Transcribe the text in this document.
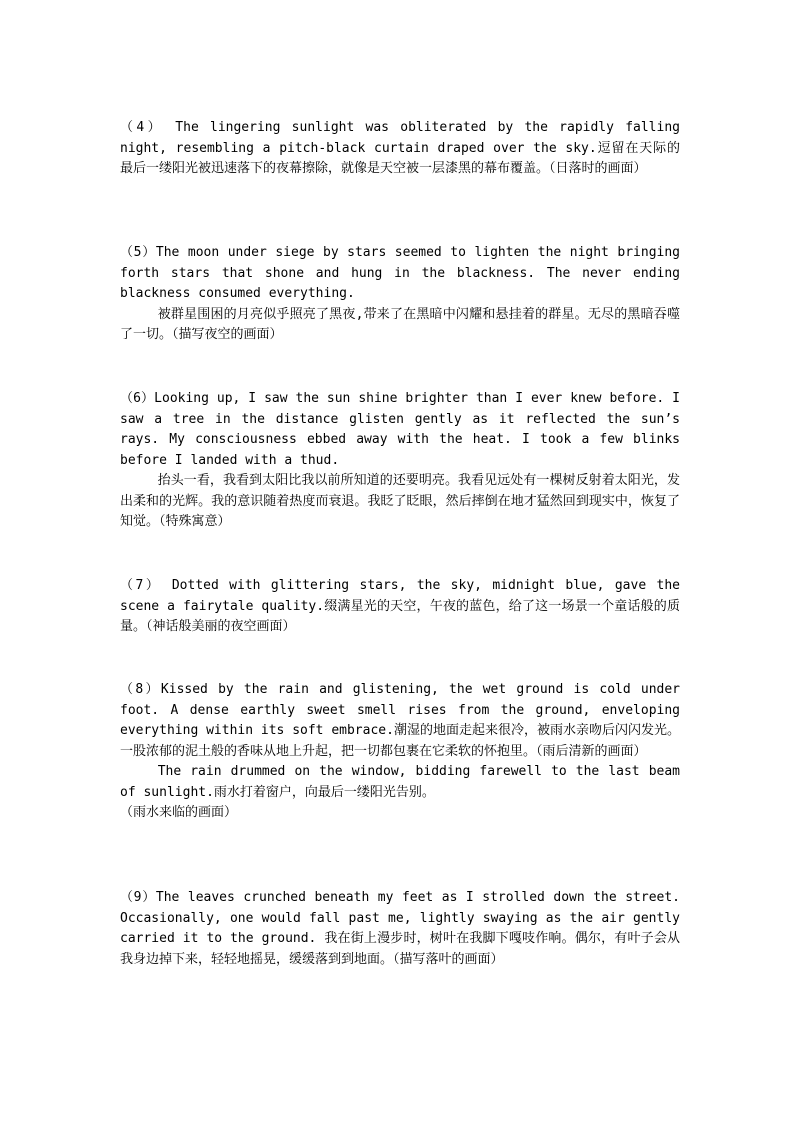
（4） The lingering sunlight was obliterated by the rapidly falling night, resembling a pitch-black curtain draped over the sky.逗留在天际的最后一缕阳光被迅速落下的夜幕擦除，就像是天空被一层漆黑的幕布覆盖。（日落时的画面）

（5）The moon under siege by stars seemed to lighten the night bringing forth stars that shone and hung in the blackness. The never ending blackness consumed everything.

被群星围困的月亮似乎照亮了黑夜,带来了在黑暗中闪耀和悬挂着的群星。无尽的黑暗吞噬了一切。（描写夜空的画面）

（6）Looking up, I saw the sun shine brighter than I ever knew before. I saw a tree in the distance glisten gently as it reflected the sun’s rays. My consciousness ebbed away with the heat. I took a few blinks before I landed with a thud.

抬头一看，我看到太阳比我以前所知道的还要明亮。我看见远处有一棵树反射着太阳光，发出柔和的光辉。我的意识随着热度而衰退。我眨了眨眼，然后摔倒在地才猛然回到现实中，恢复了知觉。（特殊寓意）

（7） Dotted with glittering stars, the sky, midnight blue, gave the scene a fairytale quality.缀满星光的天空，午夜的蓝色，给了这一场景一个童话般的质量。（神话般美丽的夜空画面）

（8）Kissed by the rain and glistening, the wet ground is cold under foot. A dense earthly sweet smell rises from the ground, enveloping everything within its soft embrace.潮湿的地面走起来很冷，被雨水亲吻后闪闪发光。一股浓郁的泥土般的香味从地上升起，把一切都包裹在它柔软的怀抱里。（雨后清新的画面）

The rain drummed on the window, bidding farewell to the last beam of sunlight.雨水打着窗户，向最后一缕阳光告别。

（雨水来临的画面）

（9）The leaves crunched beneath my feet as I strolled down the street. Occasionally, one would fall past me, lightly swaying as the air gently carried it to the ground. 我在街上漫步时，树叶在我脚下嘎吱作响。偶尔，有叶子会从我身边掉下来，轻轻地摇晃，缓缓落到到地面。（描写落叶的画面）
